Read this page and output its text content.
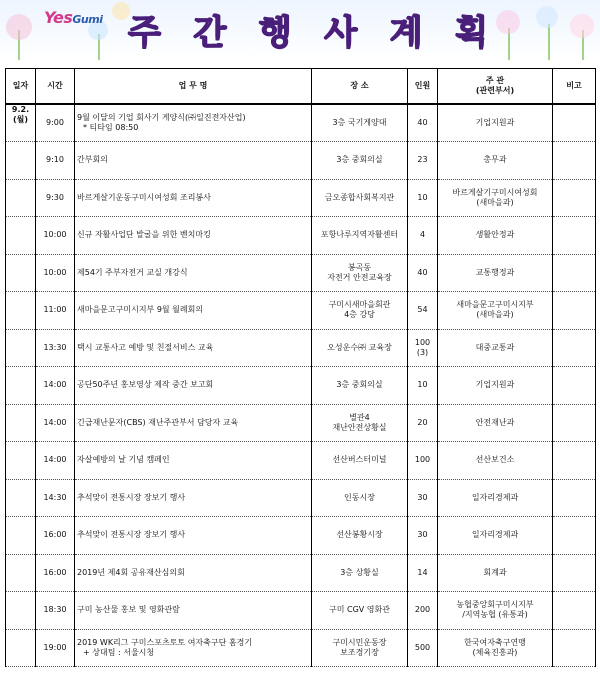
YesGumi 주 간 행 사 계 획
일자	시간	업 무 명	장 소	인원	주 관
(관련부서)	비고

9.2.
(월)	9:00	9월 이달의 기업 회사기 게양식(㈜일진전자산업)
* 티타임 08:50	3층 국기게양대	40	기업지원과	

	9:10	간부회의	3층 중회의실	23	총무과	

	9:30	바르게살기운동구미시여성회 조리봉사	금오종합사회복지관	10	바르게살기구미시여성회
(새마을과)	

	10:00	신규 자활사업단 발굴을 위한 벤치마킹	포항나루지역자활센터	4	생활안정과	

	10:00	제54기 주부자전거 교실 개강식	봉곡동
자전거 안전교육장	40	교통행정과	

	11:00	새마을문고구미시지부 9월 월례회의	구미시새마을회관
4층 강당	54	새마을문고구미시지부
(새마을과)	

	13:30	택시 교통사고 예방 및 친절서비스 교육	오성운수㈜ 교육장	100
(3)	대중교통과	

	14:00	공단50주년 홍보영상 제작 중간 보고회	3층 중회의실	10	기업지원과	

	14:00	긴급재난문자(CBS) 재난주관부서 담당자 교육	별관4
재난안전상황실	20	안전재난과	

	14:00	자살예방의 날 기념 캠페인	선산버스터미널	100	선산보건소	

	14:30	추석맞이 전통시장 장보기 행사	인동시장	30	일자리경제과	

	16:00	추석맞이 전통시장 장보기 행사	선산봉황시장	30	일자리경제과	

	16:00	2019년 제4회 공유재산심의회	3층 상황실	14	회계과	

	18:30	구미 농산물 홍보 및 영화관람	구미 CGV 영화관	200	농협중앙회구미시지부
/지역농협 (유통과)	

	19:00	2019 WK리그 구미스포츠토토 여자축구단 홈경기
+ 상대팀 : 서울시청	구미시민운동장
보조경기장	500	한국여자축구연맹
(체육진흥과)	
